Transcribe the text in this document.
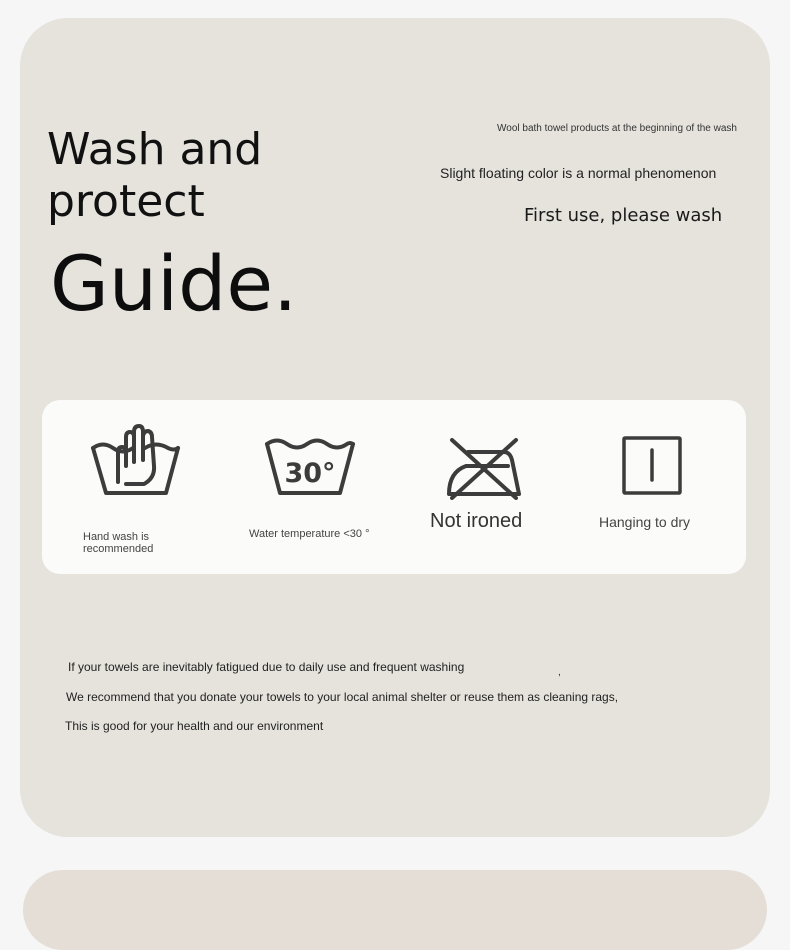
Wash and protect
Guide.
Wool bath towel products at the beginning of the wash
Slight floating color is a normal phenomenon
First use, please wash
Hand wash is recommended
30°
Water temperature <30 °
Not ironed	Hanging to dry
If your towels are inevitably fatigued due to daily use and frequent washing	,
We recommend that you donate your towels to your local animal shelter or reuse them as cleaning rags,
This is good for your health and our environment
